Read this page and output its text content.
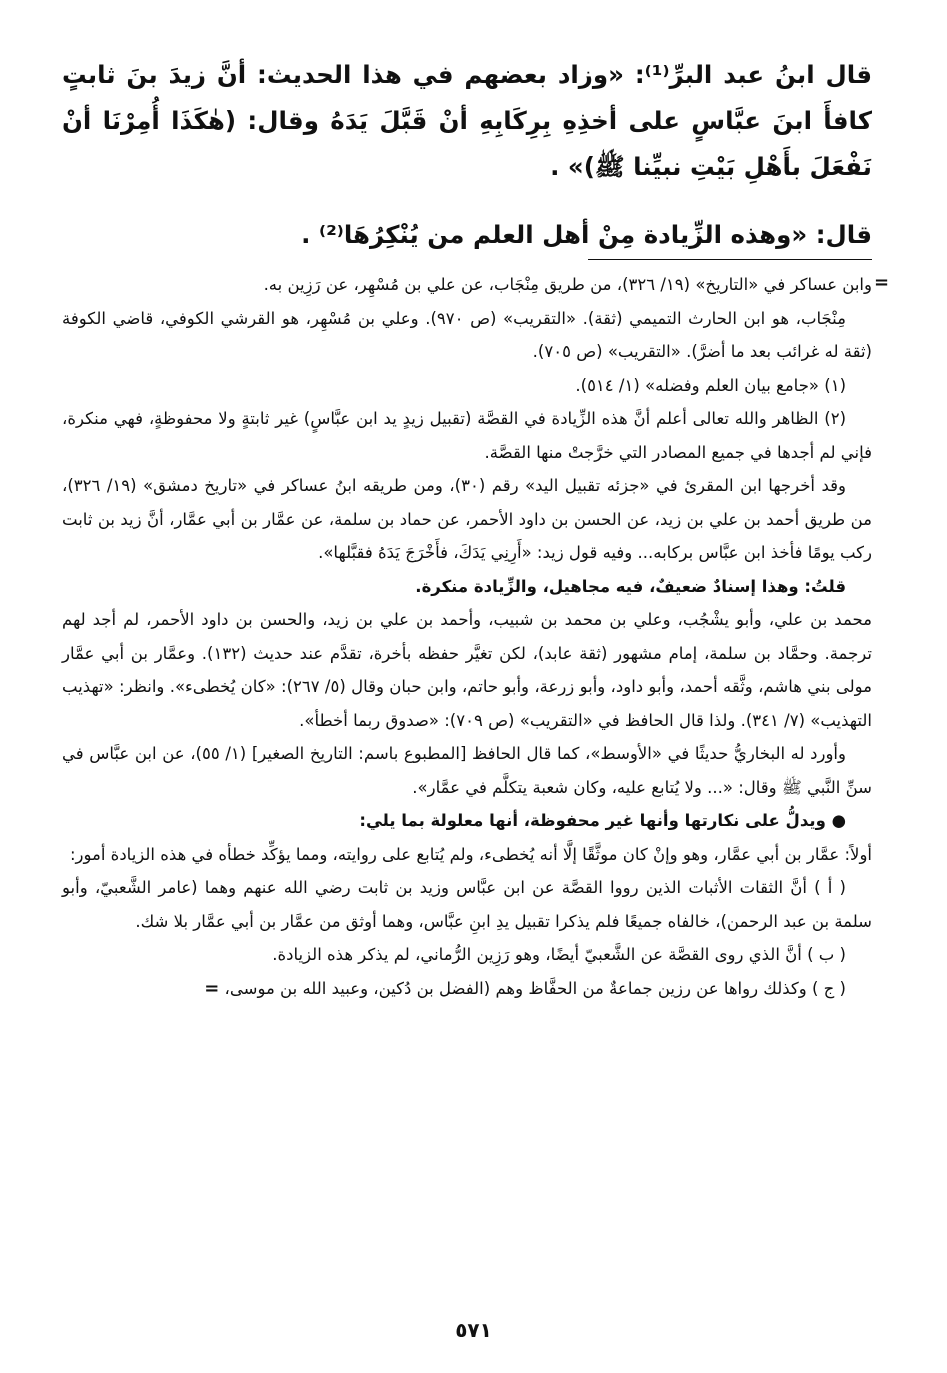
قال ابنُ عبد البرِّ⁽¹⁾: «وزاد بعضهم في هذا الحديث: أنَّ زيدَ بنَ ثابتٍ كافأَ ابنَ عبَّاسٍ على أخذِهِ بِرِكَابِهِ أنْ قَبَّلَ يَدَهُ وقال: (هٰكَذَا أُمِرْنَا أنْ نَفْعَلَ بأَهْلِ بَيْتِ نبيِّنا ﷺ)» .

قال: «وهذه الزِّيادة مِنْ أهل العلم من يُنْكِرُهَا⁽²⁾ .

=

وابن عساكر في «التاريخ» (١٩/ ٣٢٦)، من طريق مِنْجَاب، عن علي بن مُسْهِر، عن رَزِين به.

مِنْجَاب، هو ابن الحارث التميمي (ثقة). «التقريب» (ص ٩٧٠). وعلي بن مُسْهِر، هو القرشي الكوفي، قاضي الكوفة (ثقة له غرائب بعد ما أضرَّ). «التقريب» (ص ٧٠٥).

(١) «جامع بيان العلم وفضله» (١/ ٥١٤).

(٢) الظاهر والله تعالى أعلم أنَّ هذه الزِّيادة في القصَّة (تقبيل زيدٍ يد ابن عبَّاسٍ) غير ثابتةٍ ولا محفوظةٍ، فهي منكرة، فإني لم أجدها في جميع المصادر التي خرَّجتْ منها القصَّة.

وقد أخرجها ابن المقرئ في «جزئه تقبيل اليد» رقم (٣٠)، ومن طريقه ابنُ عساكر في «تاريخ دمشق» (١٩/ ٣٢٦)، من طريق أحمد بن علي بن زيد، عن الحسن بن داود الأحمر، عن حماد بن سلمة، عن عمَّار بن أبي عمَّار، أنَّ زيد بن ثابت ركب يومًا فأخذ ابن عبَّاس بركابه... وفيه قول زيد: «أَرِنِي يَدَكَ، فأَخْرَجَ يَدَهُ فقبَّلها».

قلتُ: وهذا إسنادٌ ضعيفٌ، فيه مجاهيل، والزِّيادة منكرة.

محمد بن علي، وأبو يشْجُب، وعلي بن محمد بن شبيب، وأحمد بن علي بن زيد، والحسن بن داود الأحمر، لم أجد لهم ترجمة. وحمَّاد بن سلمة، إمام مشهور (ثقة عابد)، لكن تغيَّر حفظه بأخرة، تقدَّم عند حديث (١٣٢). وعمَّار بن أبي عمَّار مولى بني هاشم، وثَّقه أحمد، وأبو داود، وأبو زرعة، وأبو حاتم، وابن حبان وقال (٥/ ٢٦٧): «كان يُخطىء». وانظر: «تهذيب التهذيب» (٧/ ٣٤١). ولذا قال الحافظ في «التقريب» (ص ٧٠٩): «صدوق ربما أخطأ».

وأورد له البخاريُّ حديثًا في «الأوسط»، كما قال الحافظ [المطبوع باسم: التاريخ الصغير] (١/ ٥٥)، عن ابن عبَّاس في سنِّ النَّبي ﷺ وقال: «... ولا يُتابع عليه، وكان شعبة يتكلَّم في عمَّار».

● ويدلُّ على نكارتها وأنها غير محفوظة، أنها معلولة بما يلي:

أولاً: عمَّار بن أبي عمَّار، وهو وإنْ كان موثَّقًا إلَّا أنه يُخطىء، ولم يُتابع على روايته، ومما يؤكِّد خطأه في هذه الزيادة أمور:

( أ ) أنَّ الثقات الأثبات الذين رووا القصَّة عن ابن عبَّاس وزيد بن ثابت رضي الله عنهم وهما (عامر الشَّعبيّ، وأبو سلمة بن عبد الرحمن)، خالفاه جميعًا فلم يذكرا تقبيل يدِ ابنِ عبَّاس، وهما أوثق من عمَّار بن أبي عمَّار بلا شك.

( ب ) أنَّ الذي روى القصَّة عن الشَّعبيّ أيضًا، وهو رَزِين الرُّماني، لم يذكر هذه الزيادة.

( ج ) وكذلك رواها عن رزين جماعةٌ من الحفَّاظ وهم (الفضل بن دُكين، وعبيد الله بن موسى، =

٥٧١
